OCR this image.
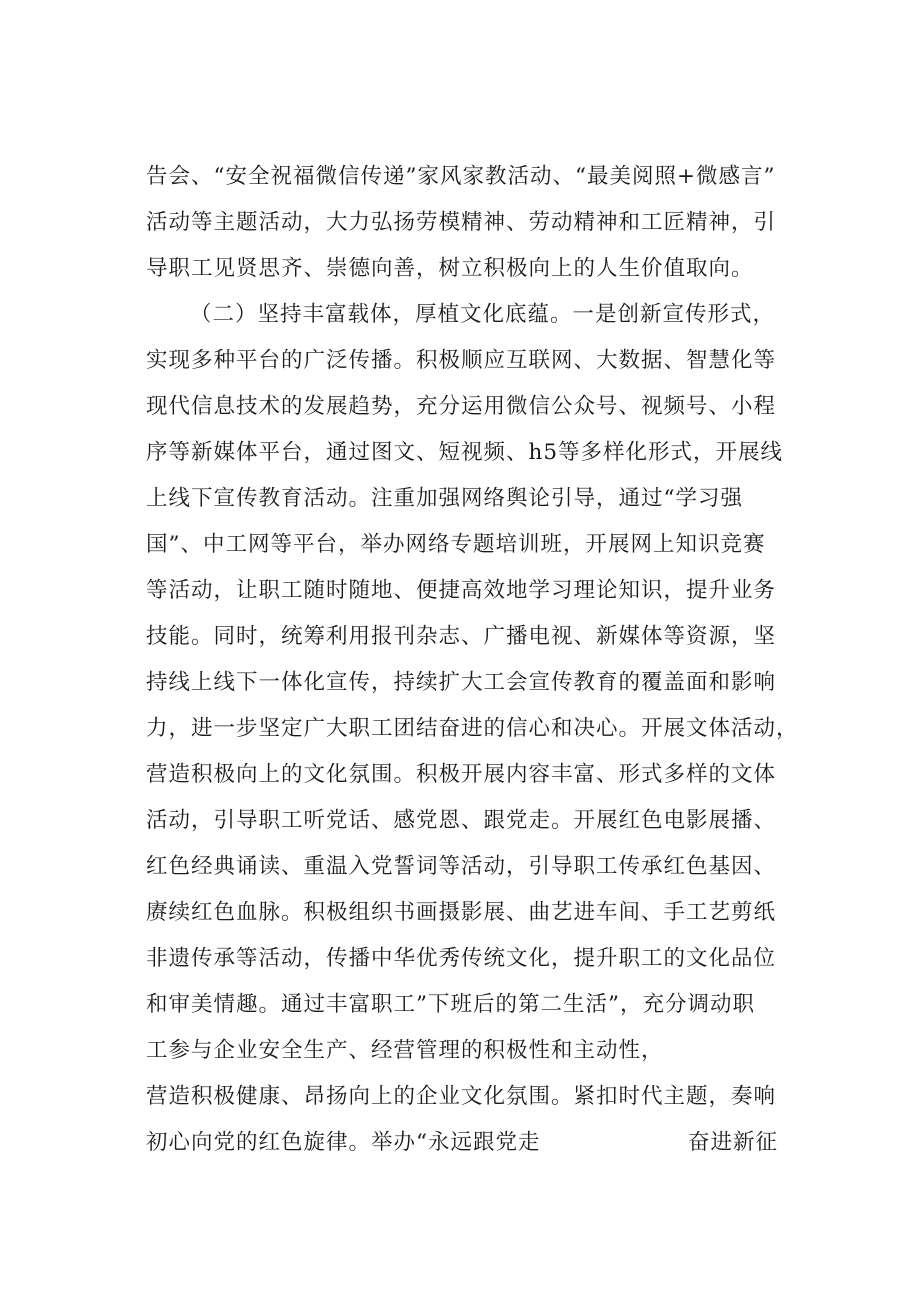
告会、“安全祝福微信传递”家风家教活动、“最美阅照+微感言”
活动等主题活动，大力弘扬劳模精神、劳动精神和工匠精神，引
导职工见贤思齐、崇德向善，树立积极向上的人生价值取向。
（二）坚持丰富载体，厚植文化底蕴。一是创新宣传形式，
实现多种平台的广泛传播。积极顺应互联网、大数据、智慧化等
现代信息技术的发展趋势，充分运用微信公众号、视频号、小程
序等新媒体平台，通过图文、短视频、h5等多样化形式，开展线
上线下宣传教育活动。注重加强网络舆论引导，通过“学习强
国”、中工网等平台，举办网络专题培训班，开展网上知识竞赛
等活动，让职工随时随地、便捷高效地学习理论知识，提升业务
技能。同时，统筹利用报刊杂志、广播电视、新媒体等资源，坚
持线上线下一体化宣传，持续扩大工会宣传教育的覆盖面和影响
力，进一步坚定广大职工团结奋进的信心和决心。开展文体活动，
营造积极向上的文化氛围。积极开展内容丰富、形式多样的文体
活动，引导职工听党话、感党恩、跟党走。开展红色电影展播、
红色经典诵读、重温入党誓词等活动，引导职工传承红色基因、
赓续红色血脉。积极组织书画摄影展、曲艺进车间、手工艺剪纸
非遗传承等活动，传播中华优秀传统文化，提升职工的文化品位
和审美情趣。通过丰富职工”下班后的第二生活”，充分调动职
工参与企业安全生产、经营管理的积极性和主动性，
营造积极健康、昂扬向上的企业文化氛围。紧扣时代主题，奏响
初心向党的红色旋律。举办“永远跟党走	奋进新征
